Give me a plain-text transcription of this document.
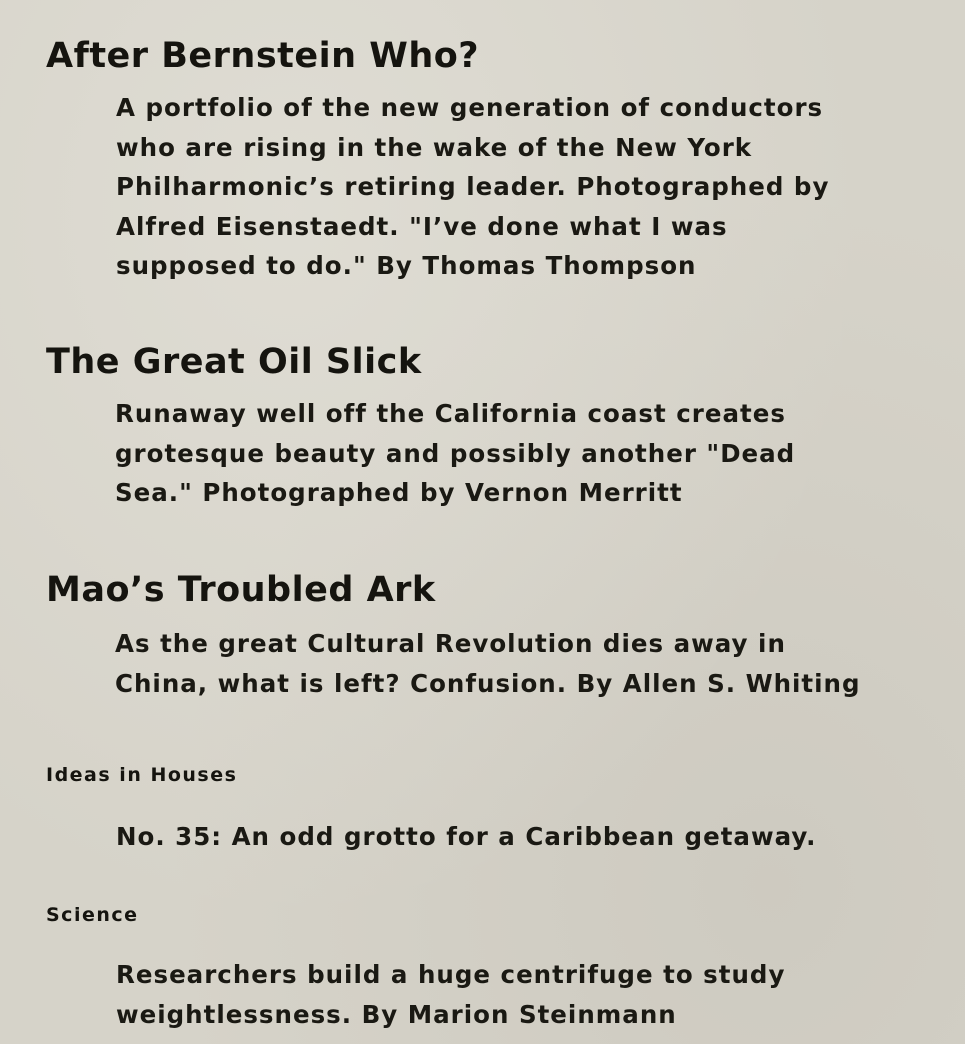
After Bernstein Who?

A portfolio of the new generation of conductors
who are rising in the wake of the New York
Philharmonic’s retiring leader. Photographed by
Alfred Eisenstaedt. "I’ve done what I was
supposed to do." By Thomas Thompson

The Great Oil Slick

Runaway well off the California coast creates
grotesque beauty and possibly another "Dead
Sea." Photographed by Vernon Merritt

Mao’s Troubled Ark

As the great Cultural Revolution dies away in
China, what is left? Confusion. By Allen S. Whiting

Ideas in Houses

No. 35: An odd grotto for a Caribbean getaway.

Science

Researchers build a huge centrifuge to study
weightlessness. By Marion Steinmann
